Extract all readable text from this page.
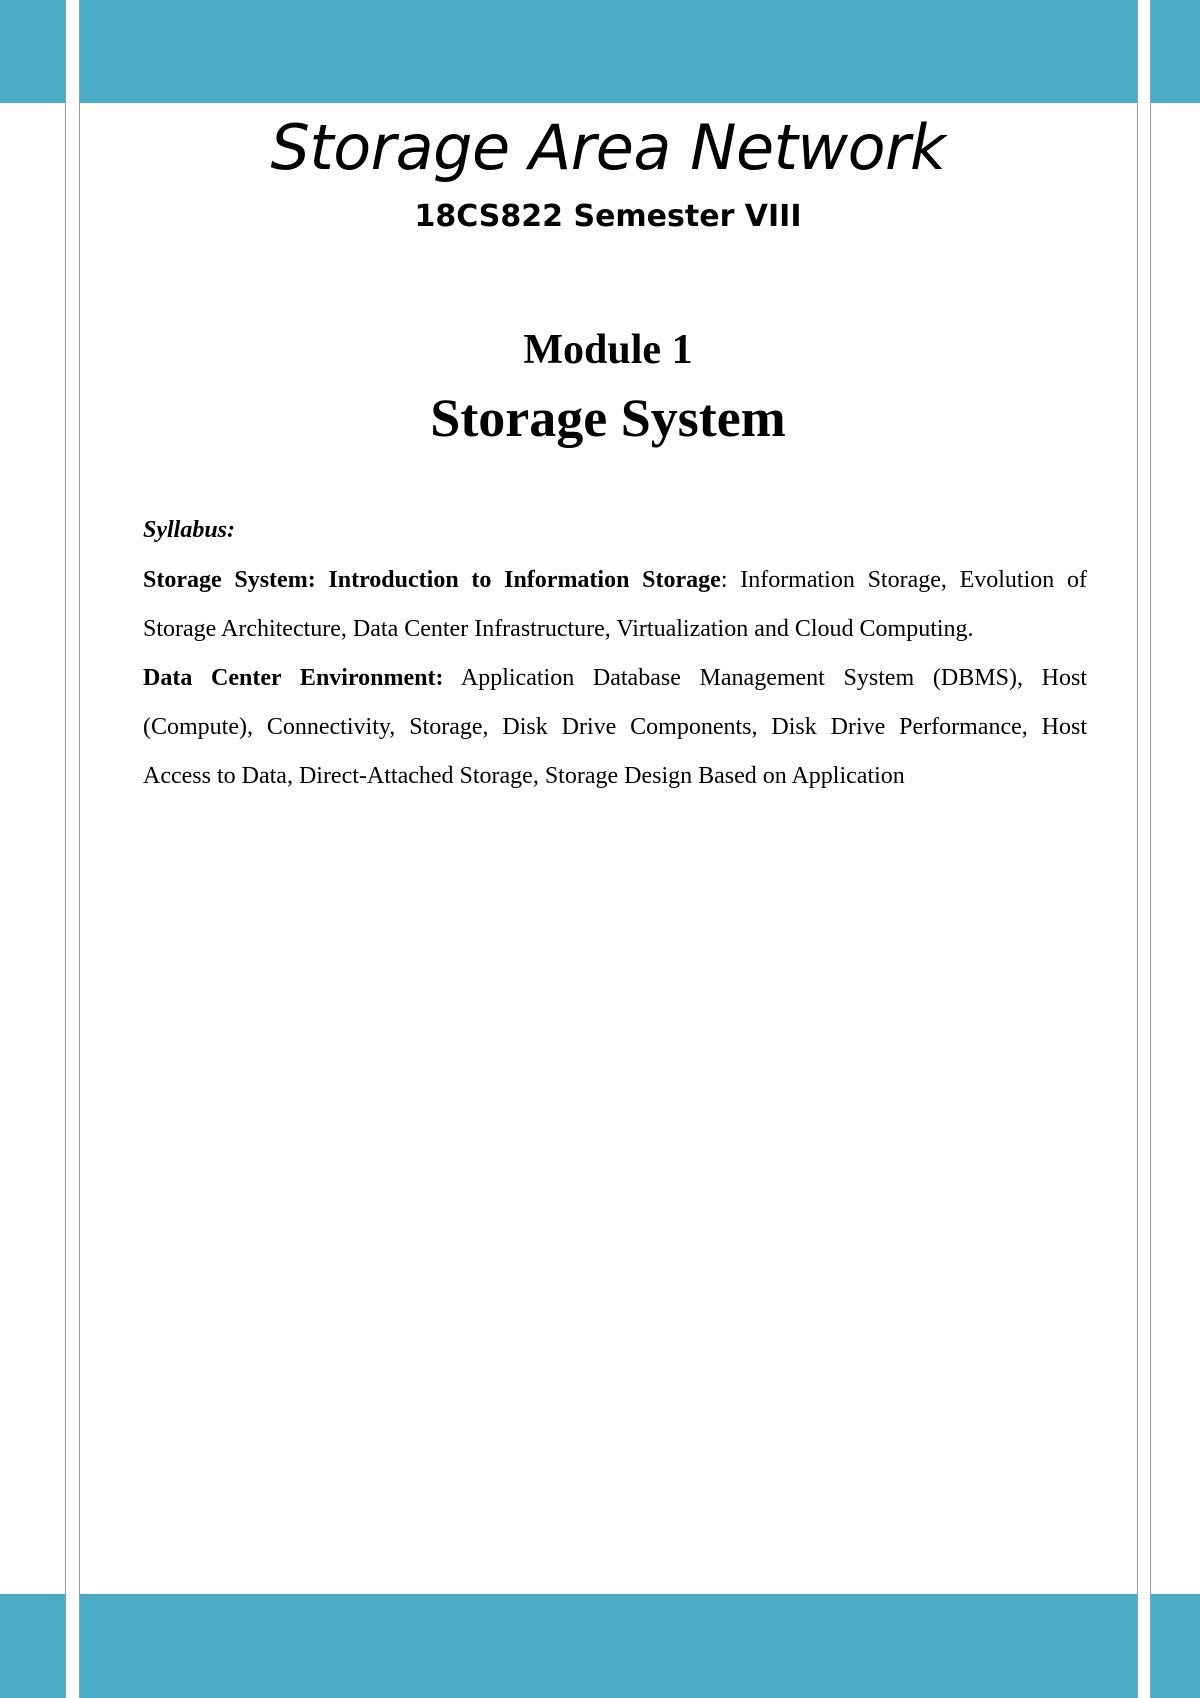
Storage Area Network
18CS822 Semester VIII
Module 1
Storage System

Syllabus:

Storage System: Introduction to Information Storage: Information Storage, Evolution of Storage Architecture, Data Center Infrastructure, Virtualization and Cloud Computing.

Data Center Environment: Application Database Management System (DBMS), Host (Compute), Connectivity, Storage, Disk Drive Components, Disk Drive Performance, Host Access to Data, Direct-Attached Storage, Storage Design Based on Application
